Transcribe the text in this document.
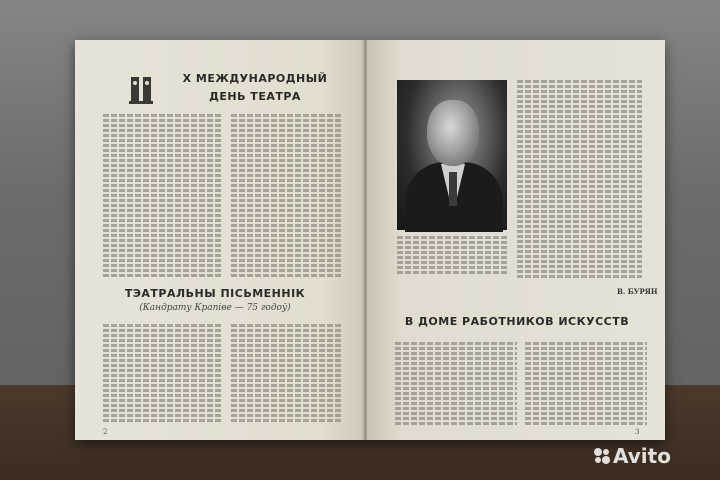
X МЕЖДУНАРОДНЫЙ
ДЕНЬ ТЕАТРА
ТЭАТРАЛЬНЫ ПІСЬМЕННІК
(Кандрату Крапіве — 75 годоў)
2
В. БУРЯН
В ДОМЕ РАБОТНИКОВ ИСКУССТВ
3
Avito
